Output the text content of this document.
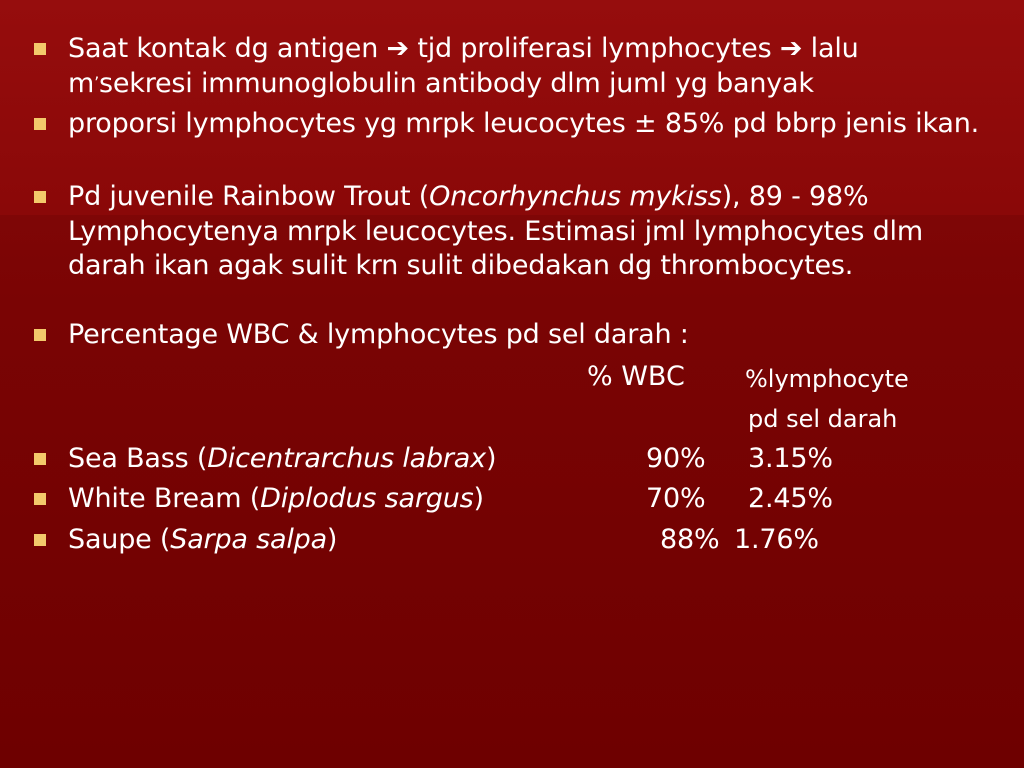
Saat kontak dg antigen ➔ tjd proliferasi lymphocytes ➔ lalu m’sekresi immunoglobulin antibody dlm juml yg banyak
proporsi lymphocytes yg mrpk leucocytes ± 85% pd bbrp jenis ikan.
Pd juvenile Rainbow Trout (Oncorhynchus mykiss), 89 - 98% Lymphocytenya mrpk leucocytes. Estimasi jml lymphocytes dlm darah ikan agak sulit krn sulit dibedakan dg thrombocytes.
Percentage WBC & lymphocytes pd sel darah :
% WBC	%lymphocyte
pd sel darah
Sea Bass (Dicentrarchus labrax)	90% 3.15%
White Bream (Diplodus sargus)	70% 2.45%
Saupe (Sarpa salpa)	88% 1.76%
